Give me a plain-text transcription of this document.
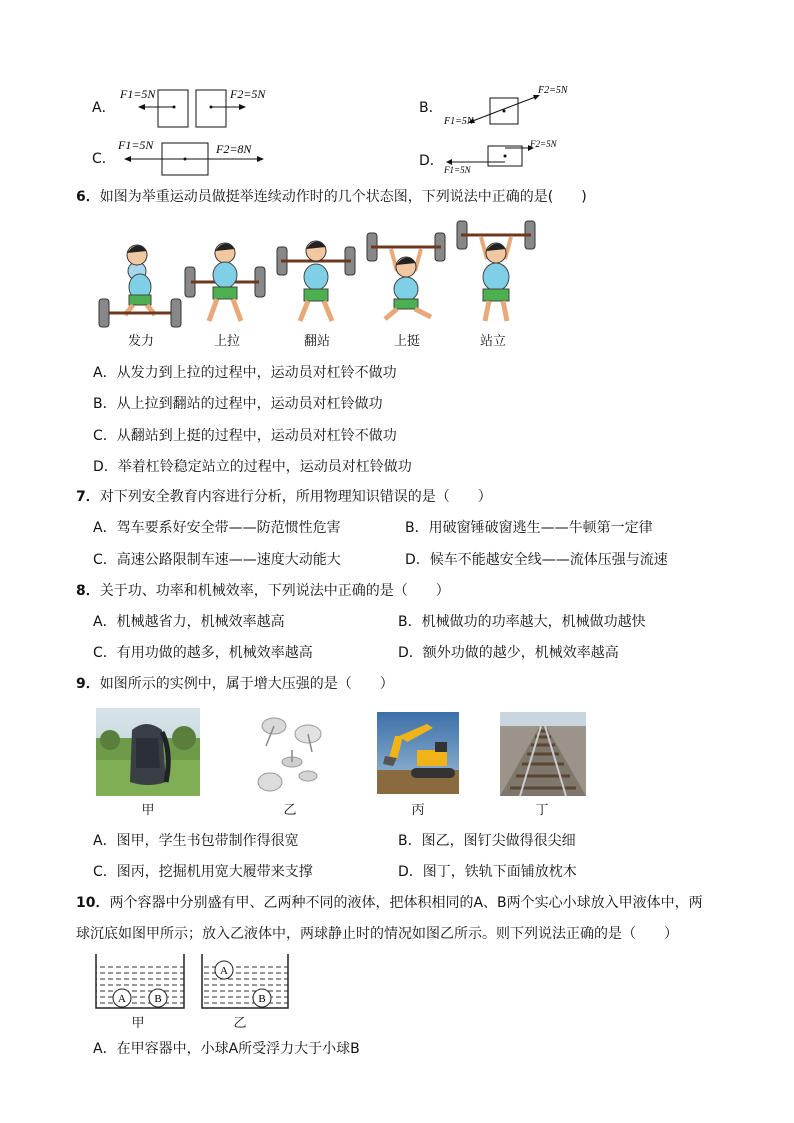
A．
F1=5N	F2=5N
B．
F2=5N
F1=5N
C．
F1=5N	F2=8N
D．
F2=5N
F1=5N
6．如图为举重运动员做挺举连续动作时的几个状态图，下列说法中正确的是(　　)
发力	上拉	翻站	上挺	站立
A．从发力到上拉的过程中，运动员对杠铃不做功
B．从上拉到翻站的过程中，运动员对杠铃做功
C．从翻站到上挺的过程中，运动员对杠铃不做功
D．举着杠铃稳定站立的过程中，运动员对杠铃做功
7．对下列安全教育内容进行分析，所用物理知识错误的是（　　）
A．驾车要系好安全带——防范惯性危害	B．用破窗锤破窗逃生——牛顿第一定律
C．高速公路限制车速——速度大动能大	D．候车不能越安全线——流体压强与流速
8．关于功、功率和机械效率，下列说法中正确的是（　　）
A．机械越省力，机械效率越高	B．机械做功的功率越大，机械做功越快
C．有用功做的越多，机械效率越高	D．额外功做的越少，机械效率越高
9．如图所示的实例中，属于增大压强的是（　　）
甲	乙	丙	丁
A．图甲，学生书包带制作得很宽	B．图乙，图钉尖做得很尖细
C．图丙，挖掘机用宽大履带来支撑	D．图丁，铁轨下面铺放枕木
10．两个容器中分别盛有甲、乙两种不同的液体，把体积相同的A、B两个实心小球放入甲液体中，两
球沉底如图甲所示；放入乙液体中，两球静止时的情况如图乙所示。则下列说法正确的是（　　）
A	B
A
B
甲	乙
A．在甲容器中，小球A所受浮力大于小球B
